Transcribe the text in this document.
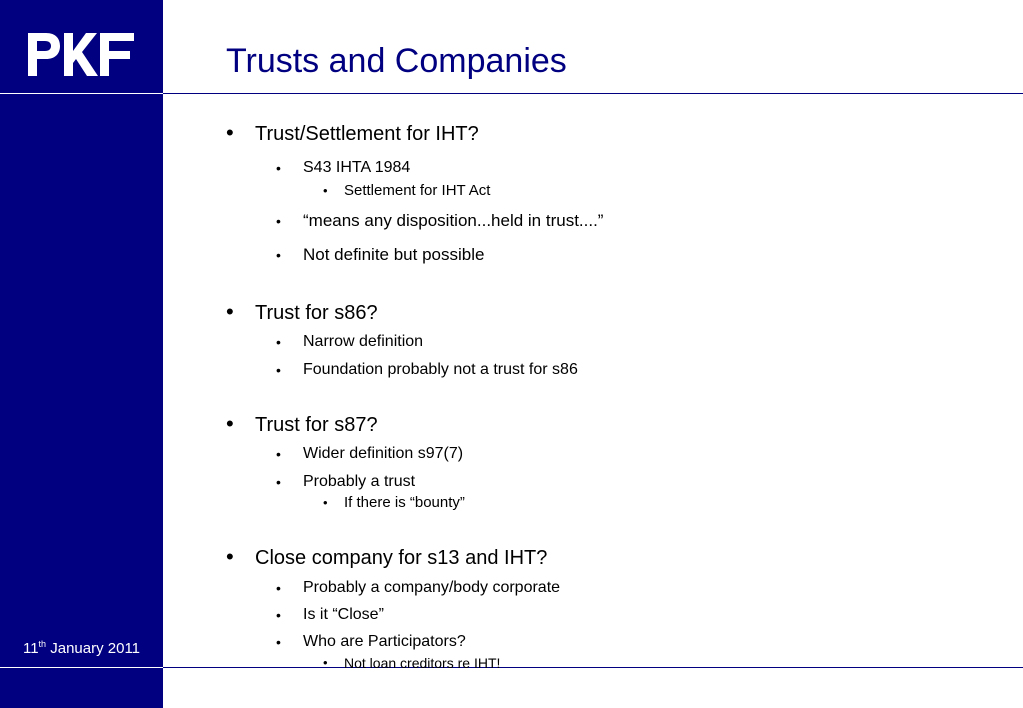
11th January 2011
Trusts and Companies
• Trust/Settlement for IHT?
• S43 IHTA 1984
• Settlement for IHT Act
• “means any disposition...held in trust....”
• Not definite but possible
• Trust for s86?
• Narrow definition
• Foundation probably not a trust for s86
• Trust for s87?
• Wider definition s97(7)
• Probably a trust
• If there is “bounty”
• Close company for s13 and IHT?
• Probably a company/body corporate
• Is it “Close”
• Who are Participators?
• Not loan creditors re IHT!
